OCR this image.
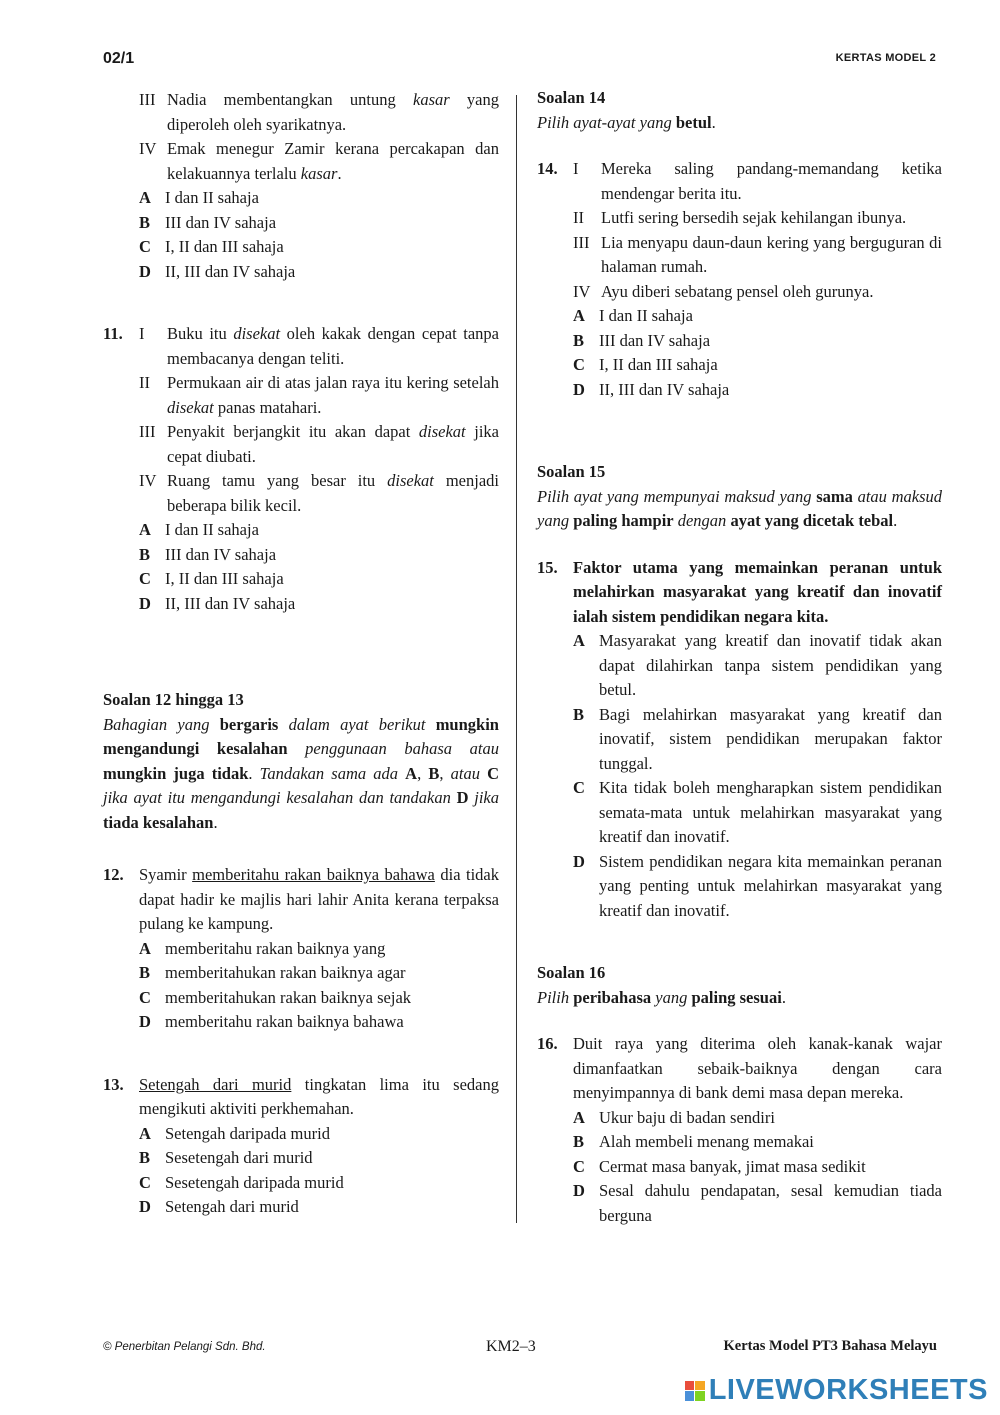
02/1	KERTAS MODEL 2
III Nadia membentangkan untung kasar yang diperoleh oleh syarikatnya.
IV Emak menegur Zamir kerana percakapan dan kelakuannya terlalu kasar.
A I dan II sahaja
B III dan IV sahaja
C I, II dan III sahaja
D II, III dan IV sahaja
11. I	Buku itu disekat oleh kakak dengan cepat tanpa membacanya dengan teliti.
II	Permukaan air di atas jalan raya itu kering setelah disekat panas matahari.
III Penyakit berjangkit itu akan dapat disekat jika cepat diubati.
IV Ruang tamu yang besar itu disekat menjadi beberapa bilik kecil.
A I dan II sahaja
B III dan IV sahaja
C I, II dan III sahaja
D II, III dan IV sahaja
Soalan 12 hingga 13
Bahagian yang bergaris dalam ayat berikut mungkin mengandungi kesalahan penggunaan bahasa atau mungkin juga tidak. Tandakan sama ada A, B, atau C jika ayat itu mengandungi kesalahan dan tandakan D jika tiada kesalahan.
12. Syamir memberitahu rakan baiknya bahawa dia tidak dapat hadir ke majlis hari lahir Anita kerana terpaksa pulang ke kampung.
A memberitahu rakan baiknya yang
B memberitahukan rakan baiknya agar
C memberitahukan rakan baiknya sejak
D memberitahu rakan baiknya bahawa
13. Setengah dari murid tingkatan lima itu sedang mengikuti aktiviti perkhemahan.
A Setengah daripada murid
B Sesetengah dari murid
C Sesetengah daripada murid
D Setengah dari murid
Soalan 14
Pilih ayat-ayat yang betul.
14. I	Mereka saling pandang-memandang ketika mendengar berita itu.
II	Lutfi sering bersedih sejak kehilangan ibunya.
III Lia menyapu daun-daun kering yang berguguran di halaman rumah.
IV Ayu diberi sebatang pensel oleh gurunya.
A I dan II sahaja
B III dan IV sahaja
C I, II dan III sahaja
D II, III dan IV sahaja
Soalan 15
Pilih ayat yang mempunyai maksud yang sama atau maksud yang paling hampir dengan ayat yang dicetak tebal.
15. Faktor utama yang memainkan peranan untuk melahirkan masyarakat yang kreatif dan inovatif ialah sistem pendidikan negara kita.
A Masyarakat yang kreatif dan inovatif tidak akan dapat dilahirkan tanpa sistem pendidikan yang betul.
B Bagi melahirkan masyarakat yang kreatif dan inovatif, sistem pendidikan merupakan faktor tunggal.
C Kita tidak boleh mengharapkan sistem pendidikan semata-mata untuk melahirkan masyarakat yang kreatif dan inovatif.
D Sistem pendidikan negara kita memainkan peranan yang penting untuk melahirkan masyarakat yang kreatif dan inovatif.
Soalan 16
Pilih peribahasa yang paling sesuai.
16. Duit raya yang diterima oleh kanak-kanak wajar dimanfaatkan sebaik-baiknya dengan cara menyimpannya di bank demi masa depan mereka.
A Ukur baju di badan sendiri
B Alah membeli menang memakai
C Cermat masa banyak, jimat masa sedikit
D Sesal dahulu pendapatan, sesal kemudian tiada berguna
© Penerbitan Pelangi Sdn. Bhd.	KM2–3	Kertas Model PT3 Bahasa Melayu
LIVEWORKSHEETS
